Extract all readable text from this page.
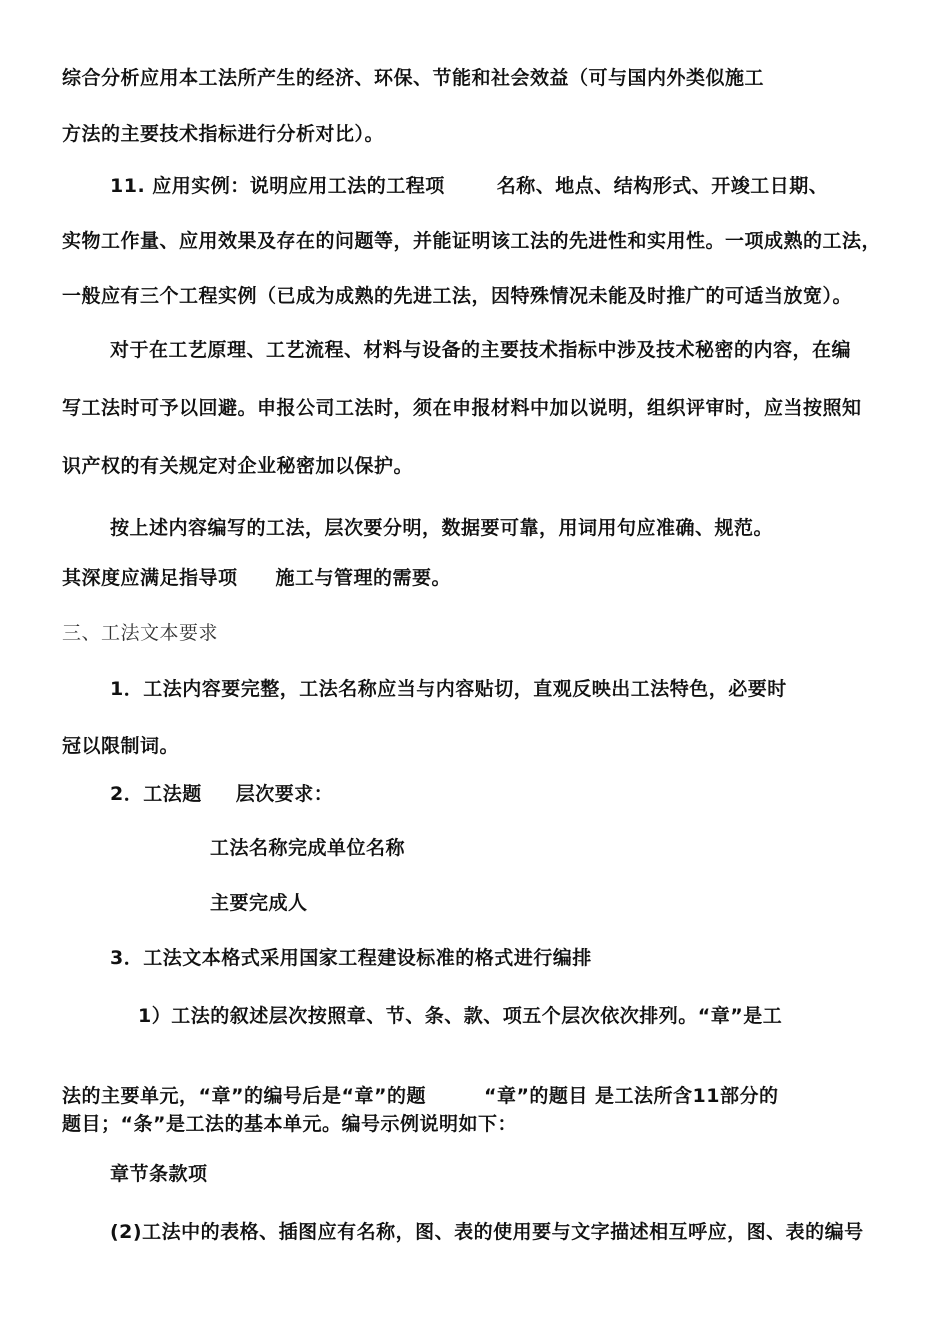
综合分析应用本工法所产生的经济、环保、节能和社会效益（可与国内外类似施工
方法的主要技术指标进行分析对比）。
11. 应用实例：说明应用工法的工程项	名称、地点、结构形式、开竣工日期、
实物工作量、应用效果及存在的问题等，并能证明该工法的先进性和实用性。一项成熟的工法，
一般应有三个工程实例（已成为成熟的先进工法，因特殊情况未能及时推广的可适当放宽）。
对于在工艺原理、工艺流程、材料与设备的主要技术指标中涉及技术秘密的内容，在编
写工法时可予以回避。申报公司工法时，须在申报材料中加以说明，组织评审时，应当按照知
识产权的有关规定对企业秘密加以保护。
按上述内容编写的工法，层次要分明，数据要可靠，用词用句应准确、规范。
其深度应满足指导项 施工与管理的需要。
三、工法文本要求
1．工法内容要完整，工法名称应当与内容贴切，直观反映出工法特色，必要时
冠以限制词。
2．工法题 层次要求：
工法名称完成单位名称
主要完成人
3．工法文本格式采用国家工程建设标准的格式进行编排
1）工法的叙述层次按照章、节、条、款、项五个层次依次排列。“章”是工
法的主要单元，“章”的编号后是“章”的题	“章”的题目 是工法所含11部分的
题目；“条”是工法的基本单元。编号示例说明如下：
章节条款项
(2)工法中的表格、插图应有名称，图、表的使用要与文字描述相互呼应，图、表的编号
